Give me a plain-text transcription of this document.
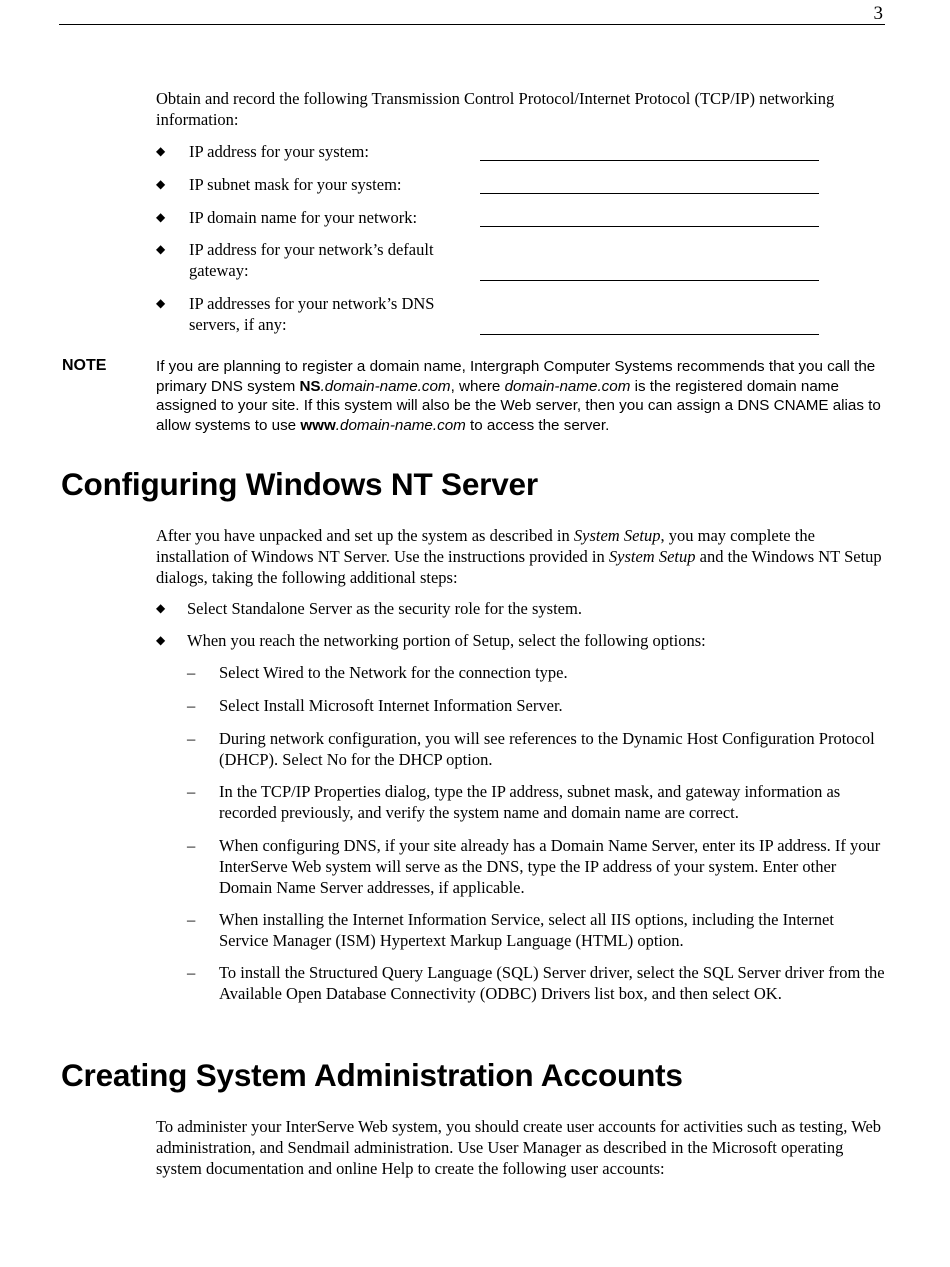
3

Obtain and record the following Transmission Control Protocol/Internet Protocol (TCP/IP) networking information:

◆ IP address for your system:
◆ IP subnet mask for your system:
◆ IP domain name for your network:
◆ IP address for your network’s default
gateway:
◆ IP addresses for your network’s DNS
servers, if any:
NOTE	If you are planning to register a domain name, Intergraph Computer Systems recommends that you call the primary DNS system NS.domain-name.com, where domain-name.com is the registered domain name assigned to your site. If this system will also be the Web server, then you can assign a DNS CNAME alias to allow systems to use www.domain-name.com to access the server.
Configuring Windows NT Server

After you have unpacked and set up the system as described in System Setup, you may complete the installation of Windows NT Server. Use the instructions provided in System Setup and the Windows NT Setup dialogs, taking the following additional steps:

◆ Select Standalone Server as the security role for the system.
◆ When you reach the networking portion of Setup, select the following options:
– Select Wired to the Network for the connection type.
– Select Install Microsoft Internet Information Server.
– During network configuration, you will see references to the Dynamic Host Configuration Protocol (DHCP). Select No for the DHCP option.
– In the TCP/IP Properties dialog, type the IP address, subnet mask, and gateway information as recorded previously, and verify the system name and domain name are correct.
– When configuring DNS, if your site already has a Domain Name Server, enter its IP address. If your InterServe Web system will serve as the DNS, type the IP address of your system. Enter other Domain Name Server addresses, if applicable.
– When installing the Internet Information Service, select all IIS options, including the Internet Service Manager (ISM) Hypertext Markup Language (HTML) option.
– To install the Structured Query Language (SQL) Server driver, select the SQL Server driver from the Available Open Database Connectivity (ODBC) Drivers list box, and then select OK.
Creating System Administration Accounts

To administer your InterServe Web system, you should create user accounts for activities such as testing, Web administration, and Sendmail administration. Use User Manager as described in the Microsoft operating system documentation and online Help to create the following user accounts:
